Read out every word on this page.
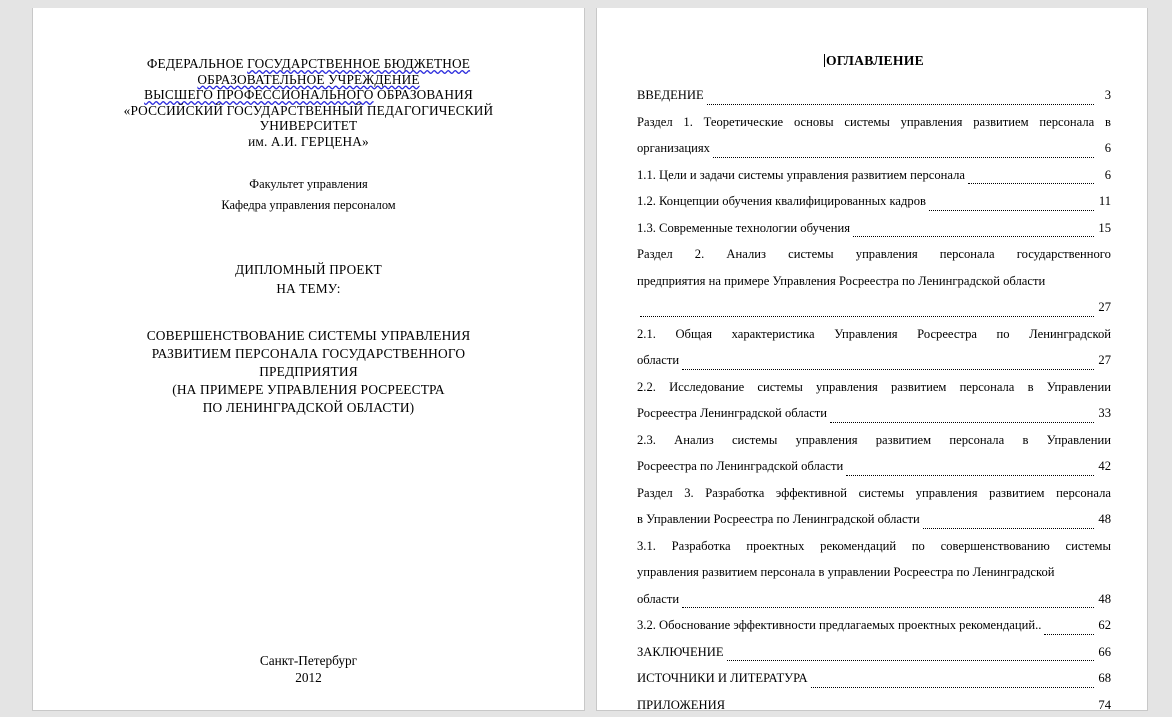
ФЕДЕРАЛЬНОЕ ГОСУДАРСТВЕННОЕ БЮДЖЕТНОЕ
ОБРАЗОВАТЕЛЬНОЕ УЧРЕЖДЕНИЕ
ВЫСШЕГО ПРОФЕССИОНАЛЬНОГО ОБРАЗОВАНИЯ
«РОССИЙСКИЙ ГОСУДАРСТВЕННЫЙ ПЕДАГОГИЧЕСКИЙ
УНИВЕРСИТЕТ
им. А.И. ГЕРЦЕНА»
Факультет управления
Кафедра управления персоналом
ДИПЛОМНЫЙ ПРОЕКТ
НА ТЕМУ:
СОВЕРШЕНСТВОВАНИЕ СИСТЕМЫ УПРАВЛЕНИЯ
РАЗВИТИЕМ ПЕРСОНАЛА ГОСУДАРСТВЕННОГО
ПРЕДПРИЯТИЯ
(НА ПРИМЕРЕ УПРАВЛЕНИЯ РОСРЕЕСТРА
ПО ЛЕНИНГРАДСКОЙ ОБЛАСТИ)
Санкт-Петербург
2012
ОГЛАВЛЕНИЕ
ВВЕДЕНИЕ	3
Раздел 1. Теоретические основы системы управления развитием персонала в
организациях	6
1.1. Цели и задачи системы управления развитием персонала	6
1.2. Концепции обучения квалифицированных кадров	11
1.3. Современные технологии обучения	15
Раздел 2. Анализ системы управления персонала государственного
предприятия на примере Управления Росреестра по Ленинградской области
27
2.1. Общая характеристика Управления Росреестра по Ленинградской
области	27
2.2. Исследование системы управления развитием персонала в Управлении
Росреестра Ленинградской области	33
2.3. Анализ системы управления развитием персонала в Управлении
Росреестра по Ленинградской области	42
Раздел 3. Разработка эффективной системы управления развитием персонала
в Управлении Росреестра по Ленинградской области	48
3.1. Разработка проектных рекомендаций по совершенствованию системы
управления развитием персонала в управлении Росреестра по Ленинградской
области	48
3.2. Обоснование эффективности предлагаемых проектных рекомендаций..	62
ЗАКЛЮЧЕНИЕ	66
ИСТОЧНИКИ И ЛИТЕРАТУРА	68
ПРИЛОЖЕНИЯ	74
